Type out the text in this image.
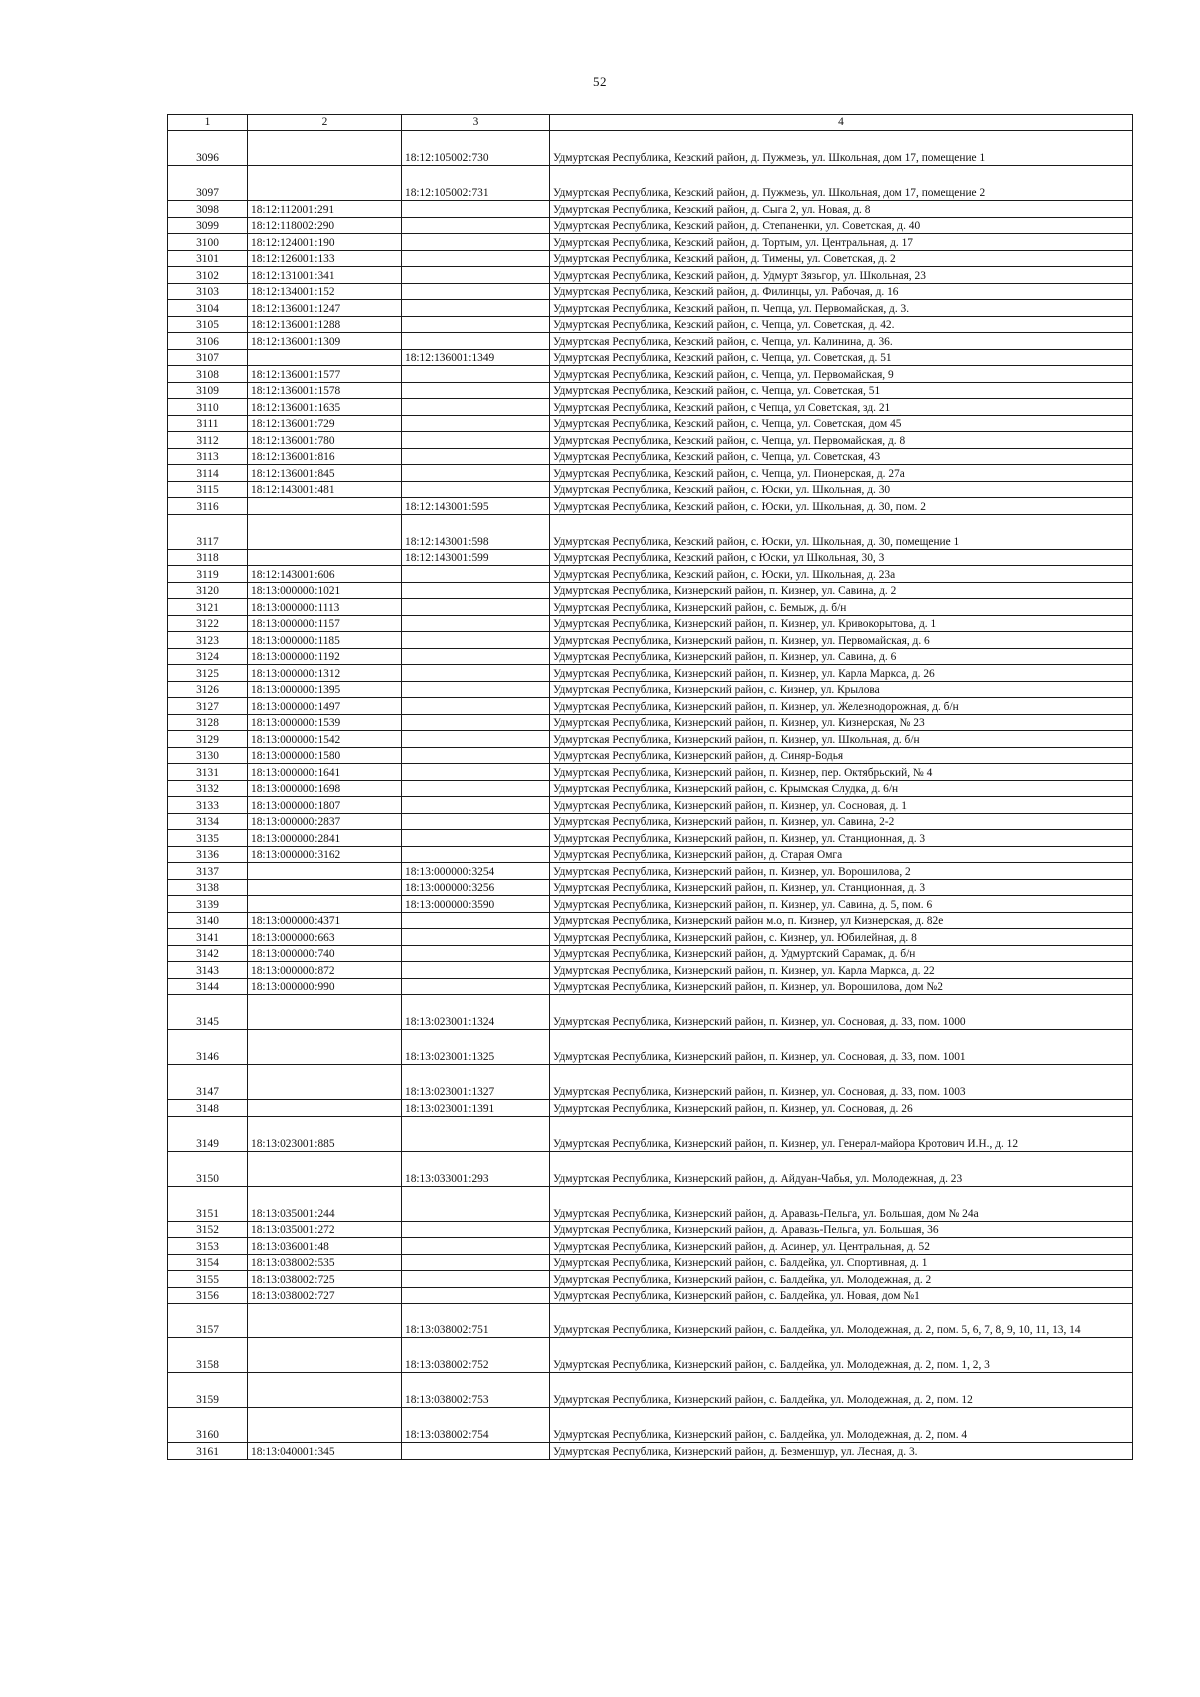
52
1	2	3	4
3096		18:12:105002:730	Удмуртская Республика, Кезский район, д. Пужмезь, ул. Школьная, дом 17, помещение 1
3097		18:12:105002:731	Удмуртская Республика, Кезский район, д. Пужмезь, ул. Школьная, дом 17, помещение 2
3098	18:12:112001:291		Удмуртская Республика, Кезский район, д. Сыга 2, ул. Новая, д. 8
3099	18:12:118002:290		Удмуртская Республика, Кезский район, д. Степаненки, ул. Советская, д. 40
3100	18:12:124001:190		Удмуртская Республика, Кезский район, д. Тортым, ул. Центральная, д. 17
3101	18:12:126001:133		Удмуртская Республика, Кезский район, д. Тимены, ул. Советская, д. 2
3102	18:12:131001:341		Удмуртская Республика, Кезский район, д. Удмурт Зязьгор, ул. Школьная, 23
3103	18:12:134001:152		Удмуртская Республика, Кезский район, д. Филинцы, ул. Рабочая, д. 16
3104	18:12:136001:1247		Удмуртская Республика, Кезский район, п. Чепца, ул. Первомайская, д. 3.
3105	18:12:136001:1288		Удмуртская Республика, Кезский район, с. Чепца, ул. Советская, д. 42.
3106	18:12:136001:1309		Удмуртская Республика, Кезский район, с. Чепца, ул. Калинина, д. 36.
3107		18:12:136001:1349	Удмуртская Республика, Кезский район, с. Чепца, ул. Советская, д. 51
3108	18:12:136001:1577		Удмуртская Республика, Кезский район, с. Чепца, ул. Первомайская, 9
3109	18:12:136001:1578		Удмуртская Республика, Кезский район, с. Чепца, ул. Советская, 51
3110	18:12:136001:1635		Удмуртская Республика, Кезский район, с Чепца, ул Советская, зд. 21
3111	18:12:136001:729		Удмуртская Республика, Кезский район, с. Чепца, ул. Советская, дом 45
3112	18:12:136001:780		Удмуртская Республика, Кезский район, с. Чепца, ул. Первомайская, д. 8
3113	18:12:136001:816		Удмуртская Республика, Кезский район, с. Чепца, ул. Советская, 43
3114	18:12:136001:845		Удмуртская Республика, Кезский район, с. Чепца, ул. Пионерская, д. 27а
3115	18:12:143001:481		Удмуртская Республика, Кезский район, с. Юски, ул. Школьная, д. 30
3116		18:12:143001:595	Удмуртская Республика, Кезский район, с. Юски, ул. Школьная, д. 30, пом. 2
3117		18:12:143001:598	Удмуртская Республика, Кезский район, с. Юски, ул. Школьная, д. 30, помещение 1
3118		18:12:143001:599	Удмуртская Республика, Кезский район, с Юски, ул Школьная, 30, 3
3119	18:12:143001:606		Удмуртская Республика, Кезский район, с. Юски, ул. Школьная, д. 23а
3120	18:13:000000:1021		Удмуртская Республика, Кизнерский район, п. Кизнер, ул. Савина, д. 2
3121	18:13:000000:1113		Удмуртская Республика, Кизнерский район, с. Бемыж, д. б/н
3122	18:13:000000:1157		Удмуртская Республика, Кизнерский район, п. Кизнер, ул. Кривокорытова, д. 1
3123	18:13:000000:1185		Удмуртская Республика, Кизнерский район, п. Кизнер, ул. Первомайская, д. 6
3124	18:13:000000:1192		Удмуртская Республика, Кизнерский район, п. Кизнер, ул. Савина, д. 6
3125	18:13:000000:1312		Удмуртская Республика, Кизнерский район, п. Кизнер, ул. Карла Маркса, д. 26
3126	18:13:000000:1395		Удмуртская Республика, Кизнерский район, с. Кизнер, ул. Крылова
3127	18:13:000000:1497		Удмуртская Республика, Кизнерский район, п. Кизнер, ул. Железнодорожная, д. б/н
3128	18:13:000000:1539		Удмуртская Республика, Кизнерский район, п. Кизнер, ул. Кизнерская, № 23
3129	18:13:000000:1542		Удмуртская Республика, Кизнерский район, п. Кизнер, ул. Школьная, д. б/н
3130	18:13:000000:1580		Удмуртская Республика, Кизнерский район, д. Синяр-Бодья
3131	18:13:000000:1641		Удмуртская Республика, Кизнерский район, п. Кизнер, пер. Октябрьский, № 4
3132	18:13:000000:1698		Удмуртская Республика, Кизнерский район, с. Крымская Слудка, д. 6/н
3133	18:13:000000:1807		Удмуртская Республика, Кизнерский район, п. Кизнер, ул. Сосновая, д. 1
3134	18:13:000000:2837		Удмуртская Республика, Кизнерский район, п. Кизнер, ул. Савина, 2-2
3135	18:13:000000:2841		Удмуртская Республика, Кизнерский район, п. Кизнер, ул. Станционная, д. 3
3136	18:13:000000:3162		Удмуртская Республика, Кизнерский район, д. Старая Омга
3137		18:13:000000:3254	Удмуртская Республика, Кизнерский район, п. Кизнер, ул. Ворошилова, 2
3138		18:13:000000:3256	Удмуртская Республика, Кизнерский район, п. Кизнер, ул. Станционная, д. 3
3139		18:13:000000:3590	Удмуртская Республика, Кизнерский район, п. Кизнер, ул. Савина, д. 5, пом. 6
3140	18:13:000000:4371		Удмуртская Республика, Кизнерский район м.о, п. Кизнер, ул Кизнерская, д. 82е
3141	18:13:000000:663		Удмуртская Республика, Кизнерский район, с. Кизнер, ул. Юбилейная, д. 8
3142	18:13:000000:740		Удмуртская Республика, Кизнерский район, д. Удмуртский Сарамак, д. б/н
3143	18:13:000000:872		Удмуртская Республика, Кизнерский район, п. Кизнер, ул. Карла Маркса, д. 22
3144	18:13:000000:990		Удмуртская Республика, Кизнерский район, п. Кизнер, ул. Ворошилова, дом №2
3145		18:13:023001:1324	Удмуртская Республика, Кизнерский район, п. Кизнер, ул. Сосновая, д. 33, пом. 1000
3146		18:13:023001:1325	Удмуртская Республика, Кизнерский район, п. Кизнер, ул. Сосновая, д. 33, пом. 1001
3147		18:13:023001:1327	Удмуртская Республика, Кизнерский район, п. Кизнер, ул. Сосновая, д. 33, пом. 1003
3148		18:13:023001:1391	Удмуртская Республика, Кизнерский район, п. Кизнер, ул. Сосновая, д. 26
3149	18:13:023001:885		Удмуртская Республика, Кизнерский район, п. Кизнер, ул. Генерал-майора Кротович И.Н., д. 12
3150		18:13:033001:293	Удмуртская Республика, Кизнерский район, д. Айдуан-Чабья, ул. Молодежная, д. 23
3151	18:13:035001:244		Удмуртская Республика, Кизнерский район, д. Аравазь-Пельга, ул. Большая, дом № 24а
3152	18:13:035001:272		Удмуртская Республика, Кизнерский район, д. Аравазь-Пельга, ул. Большая, 36
3153	18:13:036001:48		Удмуртская Республика, Кизнерский район, д. Асинер, ул. Центральная, д. 52
3154	18:13:038002:535		Удмуртская Республика, Кизнерский район, с. Балдейка, ул. Спортивная, д. 1
3155	18:13:038002:725		Удмуртская Республика, Кизнерский район, с. Балдейка, ул. Молодежная, д. 2
3156	18:13:038002:727		Удмуртская Республика, Кизнерский район, с. Балдейка, ул. Новая, дом №1
3157		18:13:038002:751	Удмуртская Республика, Кизнерский район, с. Балдейка, ул. Молодежная, д. 2, пом. 5, 6, 7, 8, 9, 10, 11, 13, 14
3158		18:13:038002:752	Удмуртская Республика, Кизнерский район, с. Балдейка, ул. Молодежная, д. 2, пом. 1, 2, 3
3159		18:13:038002:753	Удмуртская Республика, Кизнерский район, с. Балдейка, ул. Молодежная, д. 2, пом. 12
3160		18:13:038002:754	Удмуртская Республика, Кизнерский район, с. Балдейка, ул. Молодежная, д. 2, пом. 4
3161	18:13:040001:345		Удмуртская Республика, Кизнерский район, д. Безменшур, ул. Лесная, д. 3.
